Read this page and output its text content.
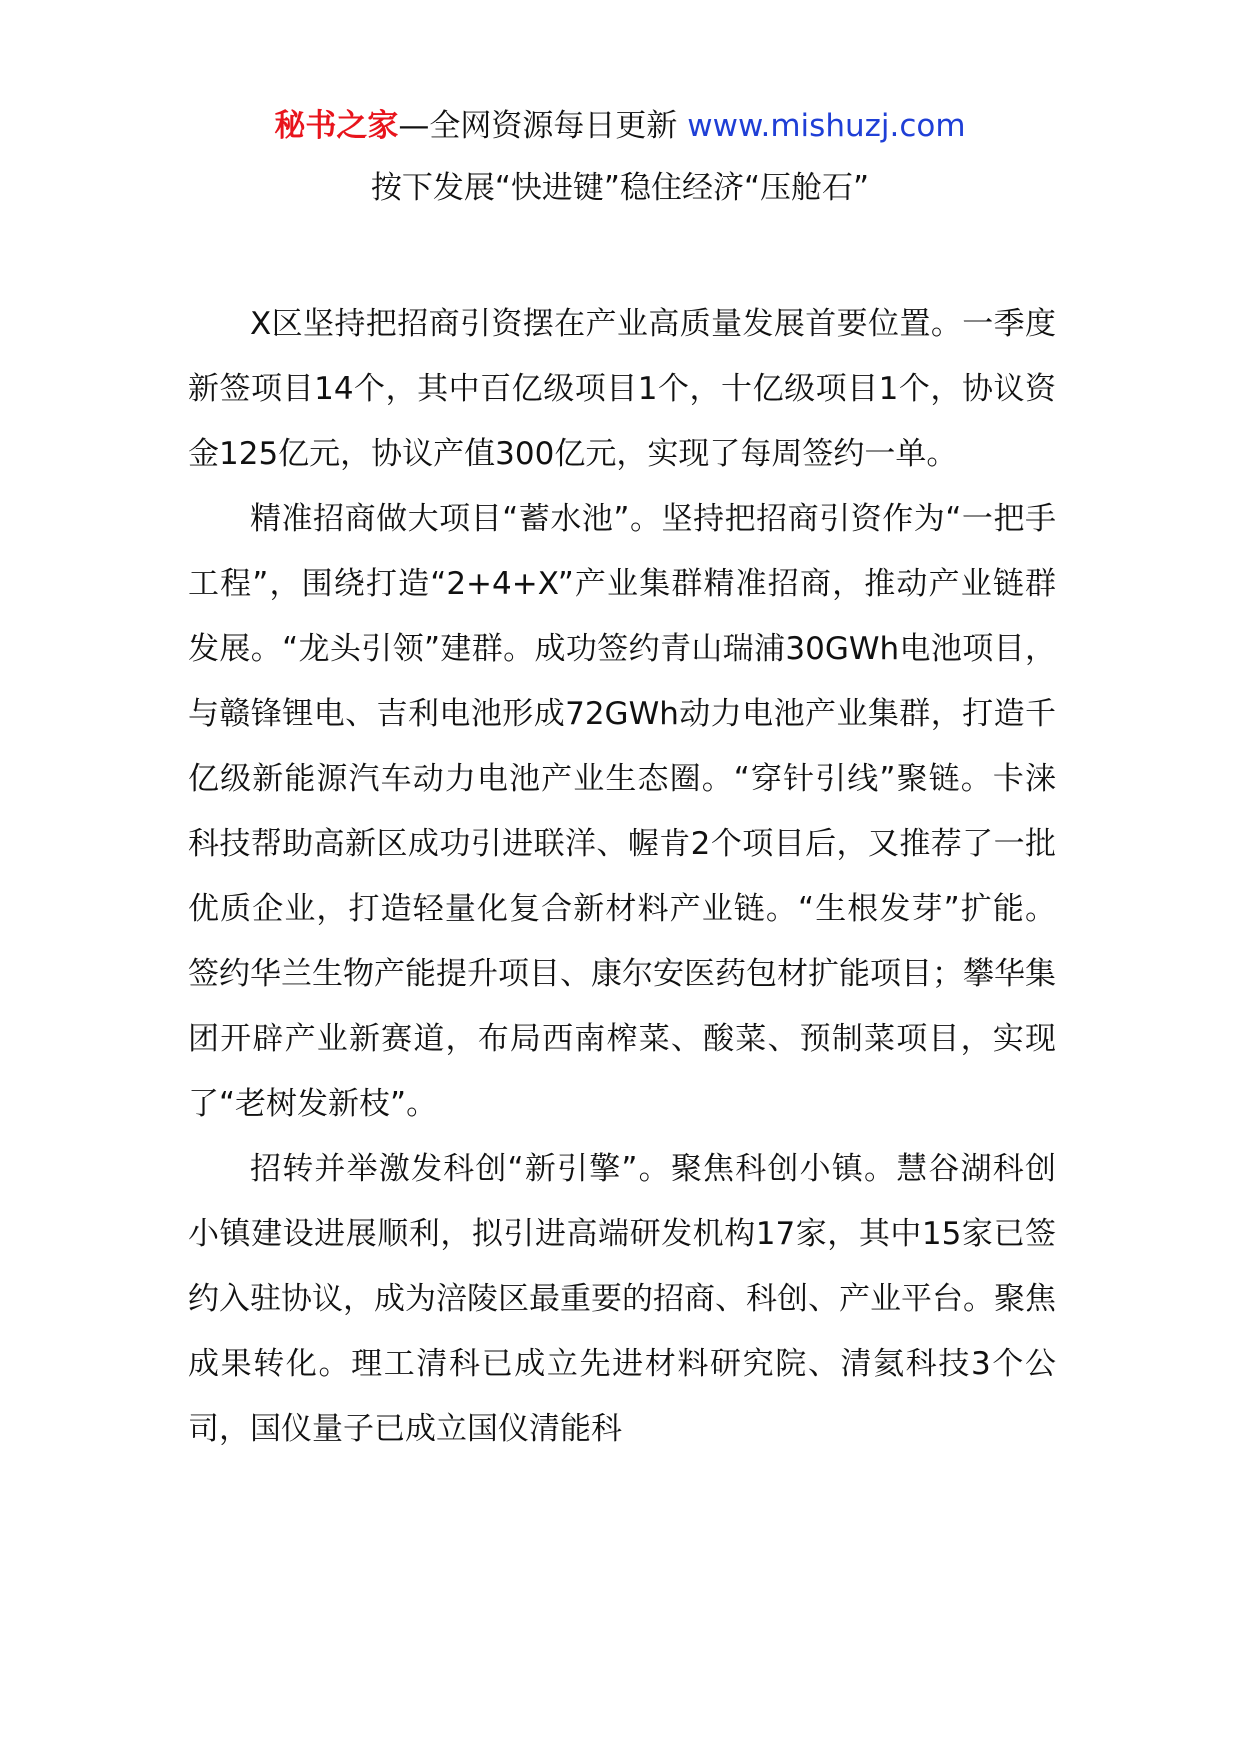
秘书之家—全网资源每日更新 www.mishuzj.com
按下发展“快进键”稳住经济“压舱石”

X区坚持把招商引资摆在产业高质量发展首要位置。一季度新签项目14个，其中百亿级项目1个，十亿级项目1个，协议资金125亿元，协议产值300亿元，实现了每周签约一单。

精准招商做大项目“蓄水池”。坚持把招商引资作为“一把手工程”，围绕打造“2+4+X”产业集群精准招商，推动产业链群发展。“龙头引领”建群。成功签约青山瑞浦30GWh电池项目，与赣锋锂电、吉利电池形成72GWh动力电池产业集群，打造千亿级新能源汽车动力电池产业生态圈。“穿针引线”聚链。卡涞科技帮助高新区成功引进联洋、幄肯2个项目后，又推荐了一批优质企业，打造轻量化复合新材料产业链。“生根发芽”扩能。签约华兰生物产能提升项目、康尔安医药包材扩能项目；攀华集团开辟产业新赛道，布局西南榨菜、酸菜、预制菜项目，实现了“老树发新枝”。

招转并举激发科创“新引擎”。聚焦科创小镇。慧谷湖科创小镇建设进展顺利，拟引进高端研发机构17家，其中15家已签约入驻协议，成为涪陵区最重要的招商、科创、产业平台。聚焦成果转化。理工清科已成立先进材料研究院、清氦科技3个公司，国仪量子已成立国仪清能科
